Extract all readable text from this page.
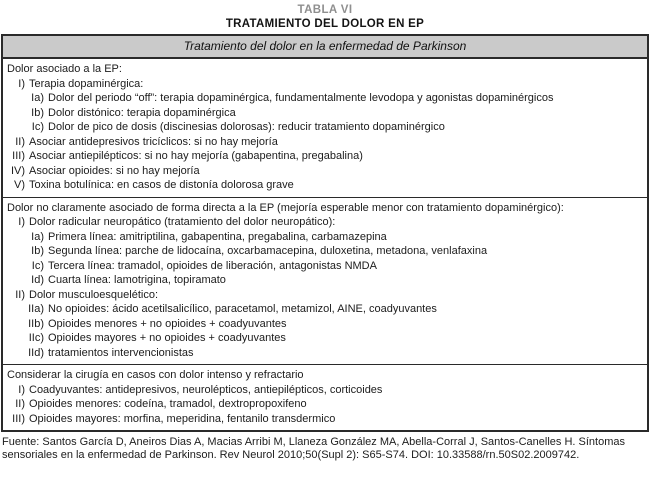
TABLA VI
TRATAMIENTO DEL DOLOR EN EP
Tratamiento del dolor en la enfermedad de Parkinson
Dolor asociado a la EP:
I) Terapia dopaminérgica:
Ia) Dolor del periodo “off”: terapia dopaminérgica, fundamentalmente levodopa y agonistas dopaminérgicos
Ib) Dolor distónico: terapia dopaminérgica
Ic) Dolor de pico de dosis (discinesias dolorosas): reducir tratamiento dopaminérgico
II) Asociar antidepresivos tricíclicos: si no hay mejoría
III) Asociar antiepilépticos: si no hay mejoría (gabapentina, pregabalina)
IV) Asociar opioides: si no hay mejoría
V) Toxina botulínica: en casos de distonía dolorosa grave
Dolor no claramente asociado de forma directa a la EP (mejoría esperable menor con tratamiento dopaminérgico):
I) Dolor radicular neuropático (tratamiento del dolor neuropático):
Ia) Primera línea: amitriptilina, gabapentina, pregabalina, carbamazepina
Ib) Segunda línea: parche de lidocaína, oxcarbamacepina, duloxetina, metadona, venlafaxina
Ic) Tercera línea: tramadol, opioides de liberación, antagonistas NMDA
Id) Cuarta línea: lamotrigina, topiramato
II) Dolor musculoesquelético:
IIa) No opioides: ácido acetilsalicílico, paracetamol, metamizol, AINE, coadyuvantes
IIb) Opioides menores + no opioides + coadyuvantes
IIc) Opioides mayores + no opioides + coadyuvantes
IId) tratamientos intervencionistas
Considerar la cirugía en casos con dolor intenso y refractario
I) Coadyuvantes: antidepresivos, neurolépticos, antiepilépticos, corticoides
II) Opioides menores: codeína, tramadol, dextropropoxifeno
III) Opioides mayores: morfina, meperidina, fentanilo transdermico
Fuente: Santos García D, Aneiros Dias A, Macias Arribi M, Llaneza González MA, Abella-Corral J, Santos-Canelles H. Síntomas sensoriales en la enfermedad de Parkinson. Rev Neurol 2010;50(Supl 2): S65-S74. DOI: 10.33588/rn.50S02.2009742.
